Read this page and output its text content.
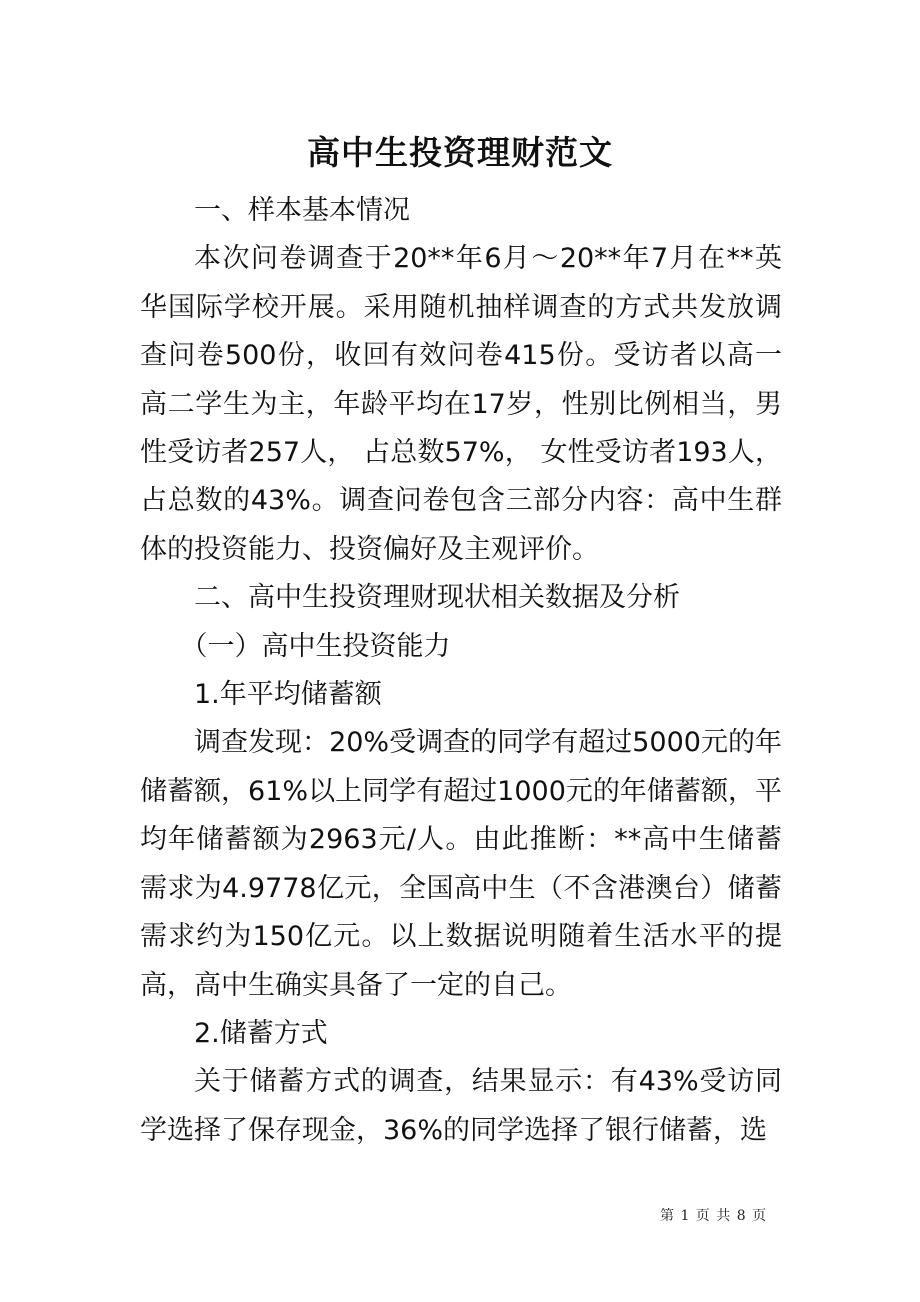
高中生投资理财范文

一、样本基本情况

本次问卷调查于20**年6月～20**年7月在**英华国际学校开展。采用随机抽样调查的方式共发放调查问卷500份，收回有效问卷415份。受访者以高一高二学生为主，年龄平均在17岁，性别比例相当，男性受访者257人， 占总数57%， 女性受访者193人，占总数的43%。调查问卷包含三部分内容：高中生群体的投资能力、投资偏好及主观评价。

二、高中生投资理财现状相关数据及分析

（一）高中生投资能力

1.年平均储蓄额

调查发现：20%受调查的同学有超过5000元的年储蓄额，61%以上同学有超过1000元的年储蓄额，平均年储蓄额为2963元/人。由此推断：**高中生储蓄需求为4.9778亿元，全国高中生（不含港澳台）储蓄需求约为150亿元。以上数据说明随着生活水平的提高，高中生确实具备了一定的自己。

2.储蓄方式

关于储蓄方式的调查，结果显示：有43%受访同学选择了保存现金，36%的同学选择了银行储蓄，选

第 1 页 共 8 页
